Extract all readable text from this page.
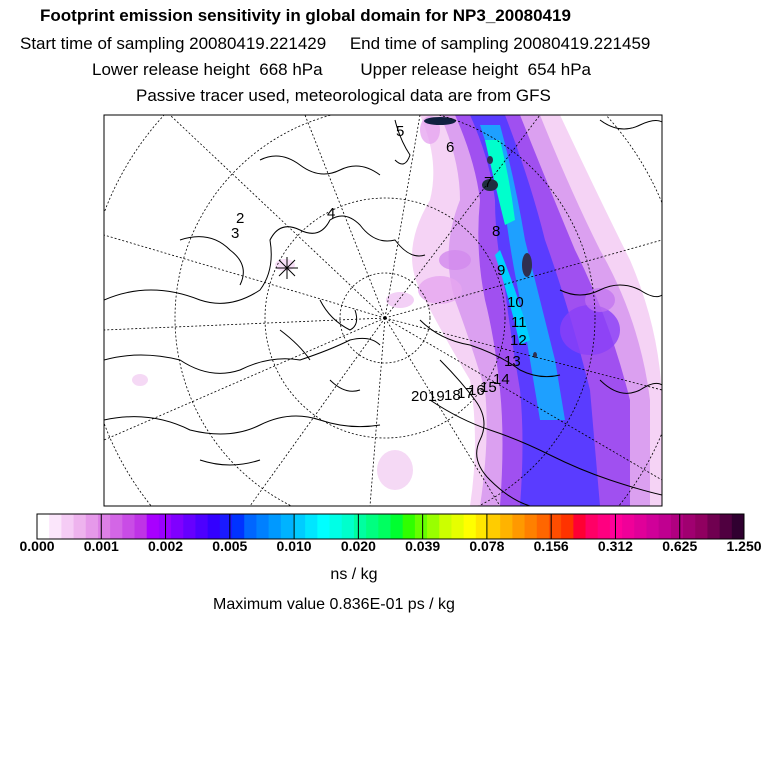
Footprint emission sensitivity in global domain for NP3_20080419
Start time of sampling 20080419.221429     End time of sampling 20080419.221459
Lower release height  668 hPa        Upper release height  654 hPa
Passive tracer used, meteorological data are from GFS
2
3
4
5
6
7
8
9
10
11
12
13
14
15
16
17
18
19
20
0.000 0.001 0.002 0.005 0.010 0.020 0.039 0.078 0.156 0.312 0.625 1.250
ns / kg
Maximum value 0.836E-01 ps / kg
